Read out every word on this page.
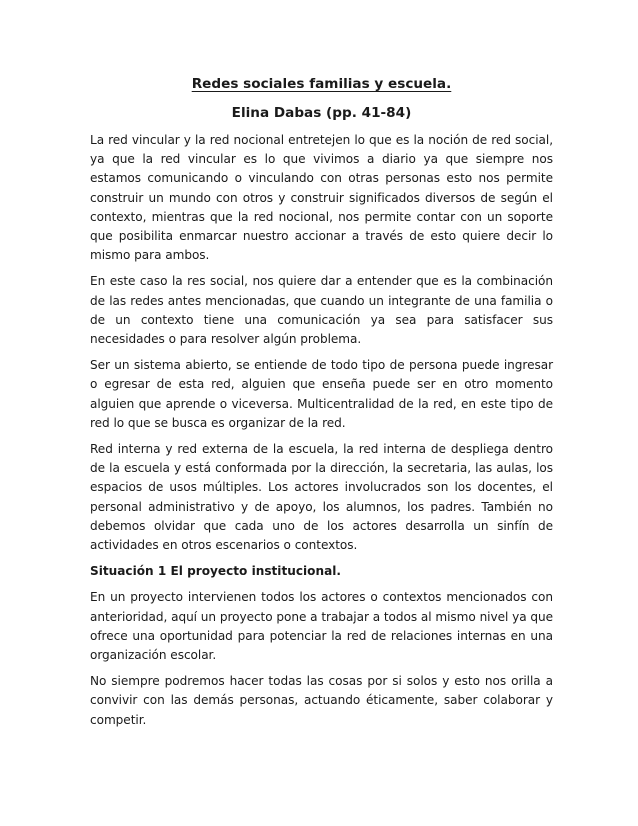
Redes sociales familias y escuela.
Elina Dabas (pp. 41-84)

La red vincular y la red nocional entretejen lo que es la noción de red social, ya que la red vincular es lo que vivimos a diario ya que siempre nos estamos comunicando o vinculando con otras personas esto nos permite construir un mundo con otros y construir significados diversos de según el contexto, mientras que la red nocional, nos permite contar con un soporte que posibilita enmarcar nuestro accionar a través de esto quiere decir lo mismo para ambos.

En este caso la res social, nos quiere dar a entender que es la combinación de las redes antes mencionadas, que cuando un integrante de una familia o de un contexto tiene una comunicación ya sea para satisfacer sus necesidades o para resolver algún problema.

Ser un sistema abierto, se entiende de todo tipo de persona puede ingresar o egresar de esta red, alguien que enseña puede ser en otro momento alguien que aprende o viceversa. Multicentralidad de la red, en este tipo de red lo que se busca es organizar de la red.

Red interna y red externa de la escuela, la red interna de despliega dentro de la escuela y está conformada por la dirección, la secretaria, las aulas, los espacios de usos múltiples. Los actores involucrados son los docentes, el personal administrativo y de apoyo, los alumnos, los padres. También no debemos olvidar que cada uno de los actores desarrolla un sinfín de actividades en otros escenarios o contextos.

Situación 1 El proyecto institucional.

En un proyecto intervienen todos los actores o contextos mencionados con anterioridad, aquí un proyecto pone a trabajar a todos al mismo nivel ya que ofrece una oportunidad para potenciar la red de relaciones internas en una organización escolar.

No siempre podremos hacer todas las cosas por si solos y esto nos orilla a convivir con las demás personas, actuando éticamente, saber colaborar y competir.
